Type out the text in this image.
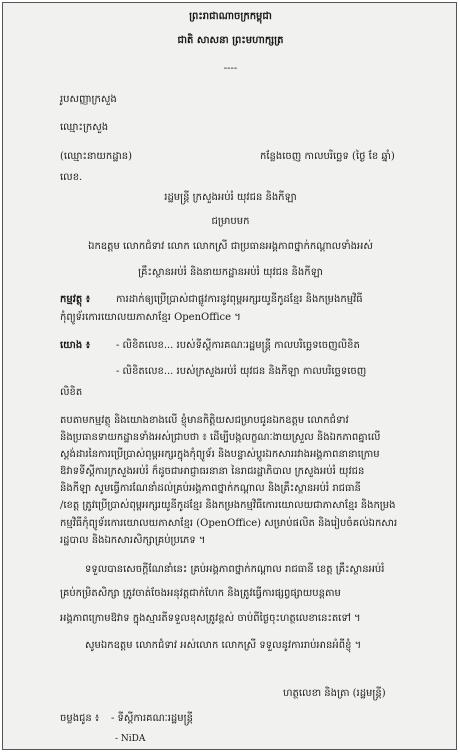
ព្រះរាជាណាចក្រកម្ពុជា
ជាតិ សាសនា ព្រះមហាក្សត្រ
----
រូបសញ្ញាក្រសួង
ឈ្មោះក្រសួង
(ឈ្មោះនាយកដ្ឋាន)	កន្លែងចេញ កាលបរិច្ឆេទ (ថ្ងៃ ខែ ឆ្នាំ)
លេខ.
រដ្ឋមន្ត្រី ក្រសួងអប់រំ យុវជន និងកីឡា
ជម្រាបមក
ឯកឧត្តម លោកជំទាវ លោក លោកស្រី ជាប្រធានអង្គភាពថ្នាក់កណ្តាលទាំងអស់
គ្រឹះស្ថានអប់រំ និងនាយកដ្ឋានអប់រំ យុវជន និងកីឡា
កម្មវត្ថុ ៖	ការដាក់ឲ្យប្រើប្រាស់ជាផ្លូវការនូវពុម្ពអក្សរយូនីកូដខ្មែរ និងកម្រងកម្មវិធី
កុំព្យូទ័រកោរយោលយភាសាខ្មែរ OpenOffice ។
យោង ៖	- លិខិតលេខ... របស់ទីស្តីការគណៈរដ្ឋមន្ត្រី កាលបរិច្ឆេទចេញលិខិត
- លិខិតលេខ... របស់ក្រសួងអប់រំ យុវជន និងកីឡា កាលបរិច្ឆេទចេញ
លិខិត
តបតាមកម្មវត្ថុ និងយោងខាងលើ ខ្ញុំមានកិត្តិយសជម្រាបជូនឯកឧត្តម លោកជំទាវ
និងប្រធានទាយកដ្ឋានទាំងអស់ជ្រាបថា ៖ ដើម្បីបង្កលក្ខណៈងាយស្រួល និងឯកភាពគ្នាលើ
ស្តង់ដារនៃការប្រើប្រាស់ពុម្ពអក្សរក្នុងកុំព្យូទ័រ និងបន្ទាស់ប្តូរឯកសាររវាងអង្គភាពនានាក្រោម
ឱវាទទីស្តីការក្រសួងអប់រំ ក៏ដូចជាអាជ្ញាធរនានា នៃរាជរដ្ឋាភិបាល ក្រសួងអប់រំ យុវជន
និងកីឡា សូមធ្វើការណែនាំដល់គ្រប់អង្គភាពថ្នាក់កណ្តាល និងគ្រឹះស្ថានអប់រំ រាជធានី
/ខេត្ត ត្រូវប្រើប្រាស់ពុម្ពអក្សរយូនីកូដខ្មែរ និងកម្រងកម្មវិធីកោរយោលយជាភាសាខ្មែរ និងកម្រង
កម្មវិធីកុំព្យូទ័រកោរយោលយភាសាខ្មែរ (OpenOffice) សម្រាប់ផលិត និងរៀបចំគល់ឯកសារ
រដ្ឋបាល និងឯកសារសិក្សាគ្រប់ប្រភេទ ។
ទទួលបានសេចក្តីណែនាំនេះ គ្រប់អង្គភាពថ្នាក់កណ្តាល រាជធានី ខេត្ត គ្រឹះស្ថានអប់រំ
គ្រប់កម្រិតសិក្សា ត្រូវចាត់ចែងអនុវត្តជាក់ហែក និងត្រូវធ្វើការផ្សព្វផ្សាយបន្តតាម
អង្គភាពក្រោមឱវាទ ក្នុងស្មារតីទទួលខុសត្រូវខ្ពស់ ចាប់ពីថ្ងៃចុះហត្ថលេខានេះតទៅ ។
សូមឯកឧត្តម លោកជំទាវ អស់លោក លោកស្រី ទទួលនូវការរាប់អានអំពីខ្ញុំ ។
ហត្ថលេខា និងត្រា (រដ្ឋមន្ត្រី)
ចម្លងជូន ៖ - ទីស្តីការគណៈរដ្ឋមន្ត្រី
- NiDA
